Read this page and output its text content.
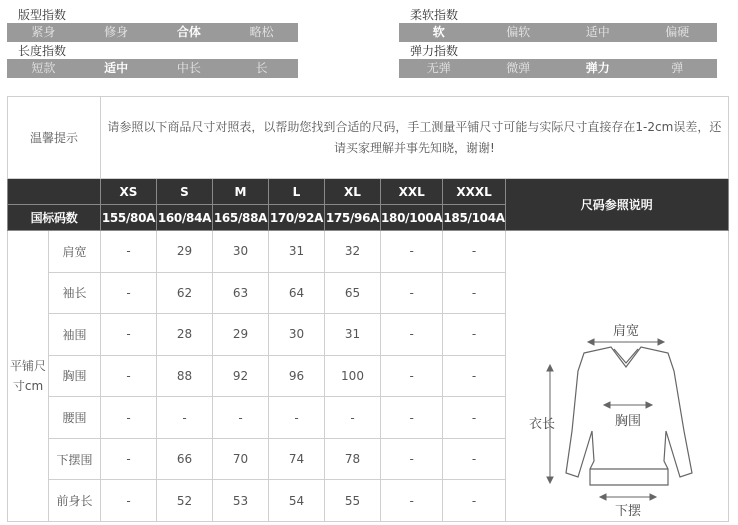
版型指数
紧身	修身	合体	略松
长度指数
短款	适中	中长	长
柔软指数
软	偏软	适中	偏硬
弹力指数
无弹	微弹	弹力	弹
温馨提示		请参照以下商品尺寸对照表，以帮助您找到合适的尺码，手工测量平铺尺寸可能与实际尺寸直接存在1-2cm误差，还请买家理解并事先知晓，谢谢!							
		XS	S	M	L	XL	XXL	XXXL	尺码参照说明
国标码数		155/80A	160/84A	165/88A	170/92A	175/96A	180/100A	185/104A	
平铺尺寸cm	肩宽	-	29	30	31	32	-	-	肩宽
衣长 胸围
下摆

	袖长	-	62	63	64	65	-	-	
	袖围	-	28	29	30	31	-	-	
	胸围	-	88	92	96	100	-	-	
	腰围	-	-	-	-	-	-	-	
	下摆围	-	66	70	74	78	-	-	
	前身长	-	52	53	54	55	-	-	
